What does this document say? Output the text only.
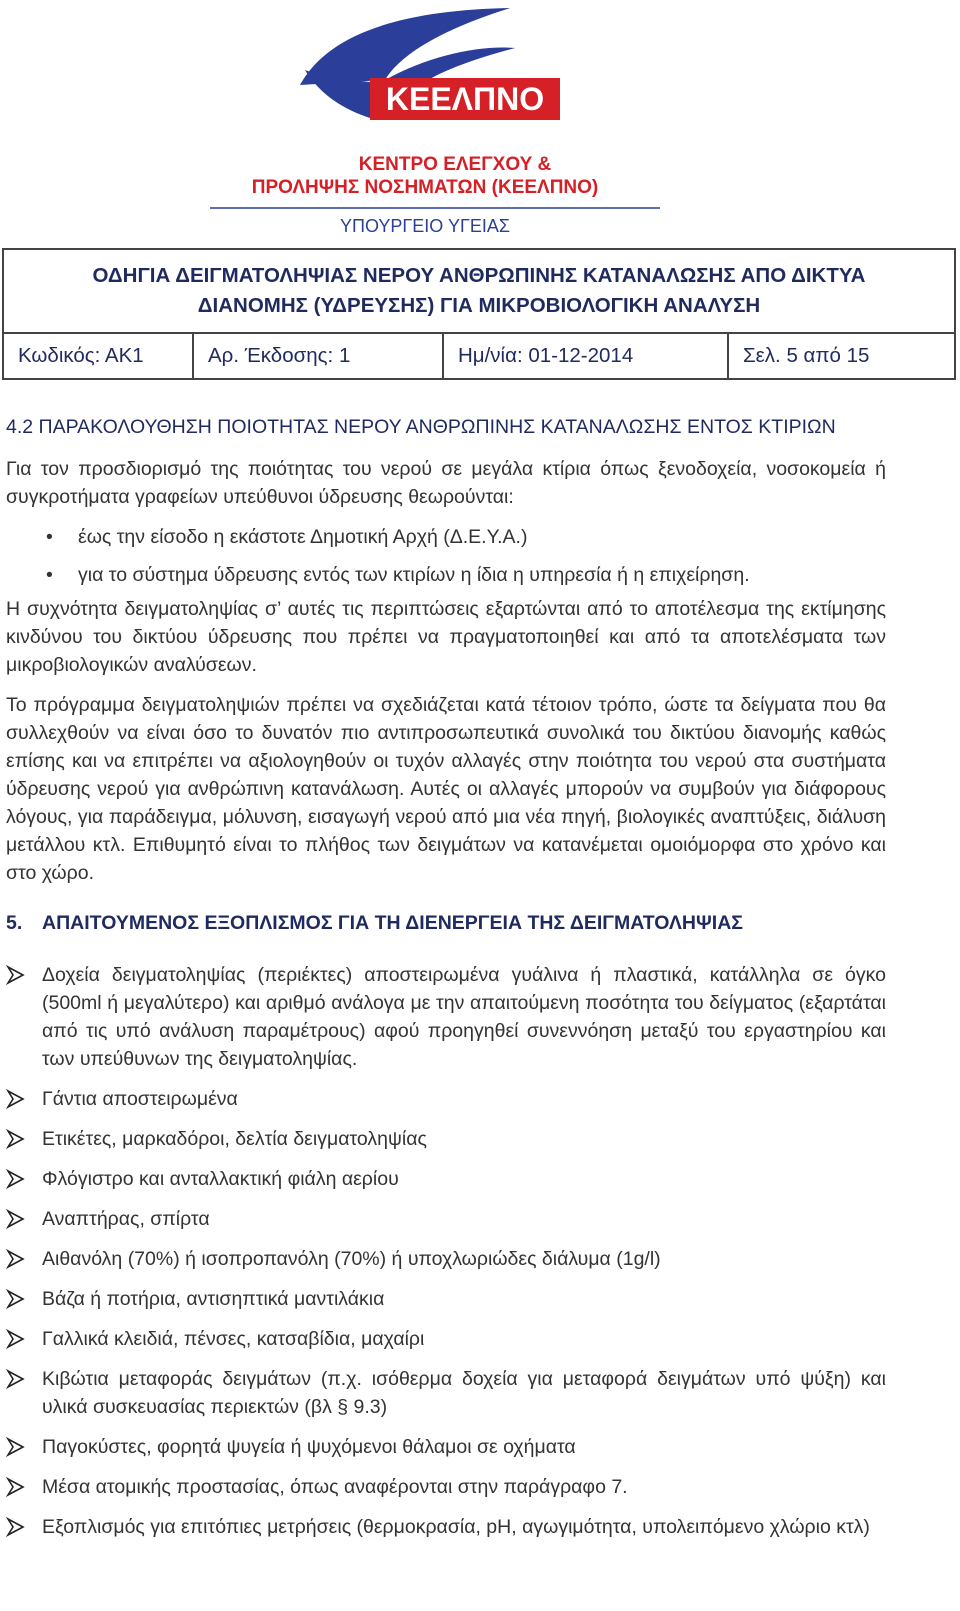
ΚΕΕΛΠΝΟ
ΚΕΝΤΡΟ ΕΛΕΓΧΟΥ &
ΠΡΟΛΗΨΗΣ ΝΟΣΗΜΑΤΩΝ (ΚΕΕΛΠΝΟ)
ΥΠΟΥΡΓΕΙΟ ΥΓΕΙΑΣ
ΟΔΗΓΙΑ ΔΕΙΓΜΑΤΟΛΗΨΙΑΣ ΝΕΡΟΥ ΑΝΘΡΩΠΙΝΗΣ ΚΑΤΑΝΑΛΩΣΗΣ ΑΠΟ ΔΙΚΤΥΑ
ΔΙΑΝΟΜΗΣ (ΥΔΡΕΥΣΗΣ) ΓΙΑ ΜΙΚΡΟΒΙΟΛΟΓΙΚΗ ΑΝΑΛΥΣΗ
Κωδικός: ΑΚ1	Αρ. Έκδοσης: 1	Ημ/νία: 01-12-2014	Σελ. 5 από 15
4.2 ΠΑΡΑΚΟΛΟΥΘΗΣΗ ΠΟΙΟΤΗΤΑΣ ΝΕΡΟΥ ΑΝΘΡΩΠΙΝΗΣ ΚΑΤΑΝΑΛΩΣΗΣ ΕΝΤΟΣ ΚΤΙΡΙΩΝ
Για τον προσδιορισμό της ποιότητας του νερού σε μεγάλα κτίρια όπως ξενοδοχεία, νοσοκομεία ή συγκροτήματα γραφείων υπεύθυνοι ύδρευσης θεωρούνται:
• έως την είσοδο η εκάστοτε Δημοτική Αρχή (Δ.Ε.Υ.Α.)
• για το σύστημα ύδρευσης εντός των κτιρίων η ίδια η υπηρεσία ή η επιχείρηση.
Η συχνότητα δειγματοληψίας σ’ αυτές τις περιπτώσεις εξαρτώνται από το αποτέλεσμα της εκτίμησης κινδύνου του δικτύου ύδρευσης που πρέπει να πραγματοποιηθεί και από τα αποτελέσματα των μικροβιολογικών αναλύσεων.
Το πρόγραμμα δειγματοληψιών πρέπει να σχεδιάζεται κατά τέτοιον τρόπο, ώστε τα δείγματα που θα συλλεχθούν να είναι όσο το δυνατόν πιο αντιπροσωπευτικά συνολικά του δικτύου διανομής καθώς επίσης και να επιτρέπει να αξιολογηθούν οι τυχόν αλλαγές στην ποιότητα του νερού στα συστήματα ύδρευσης νερού για ανθρώπινη κατανάλωση. Αυτές οι αλλαγές μπορούν να συμβούν για διάφορους λόγους, για παράδειγμα, μόλυνση, εισαγωγή νερού από μια νέα πηγή, βιολογικές αναπτύξεις, διάλυση μετάλλου κτλ. Επιθυμητό είναι το πλήθος των δειγμάτων να κατανέμεται ομοιόμορφα στο χρόνο και στο χώρο.
5. ΑΠΑΙΤΟΥΜΕΝΟΣ ΕΞΟΠΛΙΣΜΟΣ ΓΙΑ ΤΗ ΔΙΕΝΕΡΓΕΙΑ ΤΗΣ ΔΕΙΓΜΑΤΟΛΗΨΙΑΣ
Δοχεία δειγματοληψίας (περιέκτες) αποστειρωμένα γυάλινα ή πλαστικά, κατάλληλα σε όγκο (500ml ή μεγαλύτερο) και αριθμό ανάλογα με την απαιτούμενη ποσότητα του δείγματος (εξαρτάται από τις υπό ανάλυση παραμέτρους) αφού προηγηθεί συνεννόηση μεταξύ του εργαστηρίου και των υπεύθυνων της δειγματοληψίας.
Γάντια αποστειρωμένα
Ετικέτες, μαρκαδόροι, δελτία δειγματοληψίας
Φλόγιστρο και ανταλλακτική φιάλη αερίου
Αναπτήρας, σπίρτα
Αιθανόλη (70%) ή ισοπροπανόλη (70%) ή υποχλωριώδες διάλυμα (1g/l)
Βάζα ή ποτήρια, αντισηπτικά μαντιλάκια
Γαλλικά κλειδιά, πένσες, κατσαβίδια, μαχαίρι
Κιβώτια μεταφοράς δειγμάτων (π.χ. ισόθερμα δοχεία για μεταφορά δειγμάτων υπό ψύξη) και υλικά συσκευασίας περιεκτών (βλ § 9.3)
Παγοκύστες, φορητά ψυγεία ή ψυχόμενοι θάλαμοι σε οχήματα
Μέσα ατομικής προστασίας, όπως αναφέρονται στην παράγραφο 7.
Εξοπλισμός για επιτόπιες μετρήσεις (θερμοκρασία, pH, αγωγιμότητα, υπολειπόμενο χλώριο κτλ)
